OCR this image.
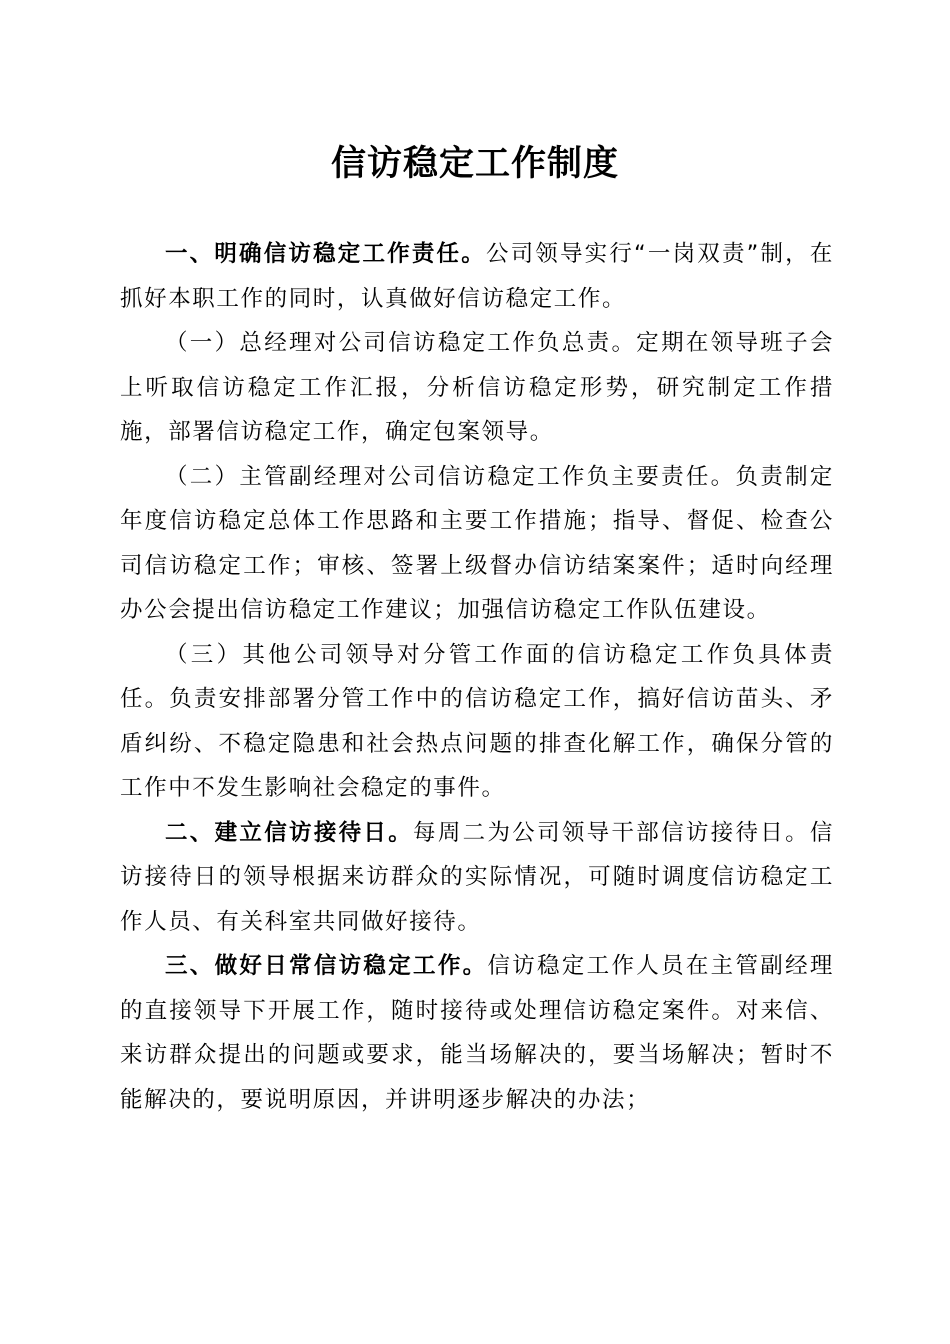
信访稳定工作制度

一、明确信访稳定工作责任。公司领导实行“一岗双责”制，在抓好本职工作的同时，认真做好信访稳定工作。

（一）总经理对公司信访稳定工作负总责。定期在领导班子会上听取信访稳定工作汇报，分析信访稳定形势，研究制定工作措施，部署信访稳定工作，确定包案领导。

（二）主管副经理对公司信访稳定工作负主要责任。负责制定年度信访稳定总体工作思路和主要工作措施；指导、督促、检查公司信访稳定工作；审核、签署上级督办信访结案案件；适时向经理办公会提出信访稳定工作建议；加强信访稳定工作队伍建设。

（三）其他公司领导对分管工作面的信访稳定工作负具体责任。负责安排部署分管工作中的信访稳定工作，搞好信访苗头、矛盾纠纷、不稳定隐患和社会热点问题的排查化解工作，确保分管的工作中不发生影响社会稳定的事件。

二、建立信访接待日。每周二为公司领导干部信访接待日。信访接待日的领导根据来访群众的实际情况，可随时调度信访稳定工作人员、有关科室共同做好接待。

三、做好日常信访稳定工作。信访稳定工作人员在主管副经理的直接领导下开展工作，随时接待或处理信访稳定案件。对来信、来访群众提出的问题或要求，能当场解决的，要当场解决；暂时不能解决的，要说明原因，并讲明逐步解决的办法；
